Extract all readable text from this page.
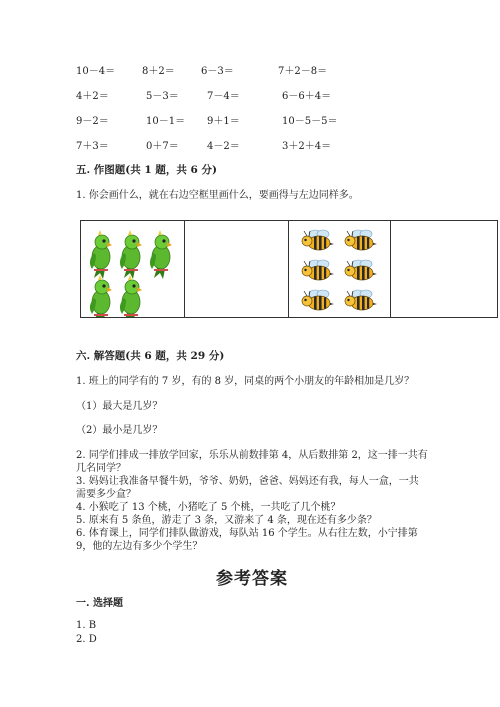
10－4＝	8＋2＝	6－3＝	7＋2－8＝
4＋2＝	5－3＝	7－4＝	6－6＋4＝
9－2＝	10－1＝ 9＋1＝	10－5－5＝
7＋3＝	0＋7＝	4－2＝	3＋2＋4＝
五. 作图题(共 1 题，共 6 分)
1. 你会画什么，就在右边空框里画什么，要画得与左边同样多。
六. 解答题(共 6 题，共 29 分)
1. 班上的同学有的 7 岁，有的 8 岁，同桌的两个小朋友的年龄相加是几岁？
（1）最大是几岁？
（2）最小是几岁？
2. 同学们排成一排放学回家，乐乐从前数排第 4，从后数排第 2，这一排一共有
几名同学？
3. 妈妈让我准备早餐牛奶，爷爷、奶奶，爸爸、妈妈还有我，每人一盒，一共
需要多少盒？
4. 小猴吃了 13 个桃，小猪吃了 5 个桃，一共吃了几个桃？
5. 原来有 5 条鱼，游走了 3 条，又游来了 4 条，现在还有多少条？
6. 体育课上，同学们排队做游戏，每队站 16 个学生。从右往左数，小宁排第
9，他的左边有多少个学生？
参考答案
一. 选择题
1. B
2. D
